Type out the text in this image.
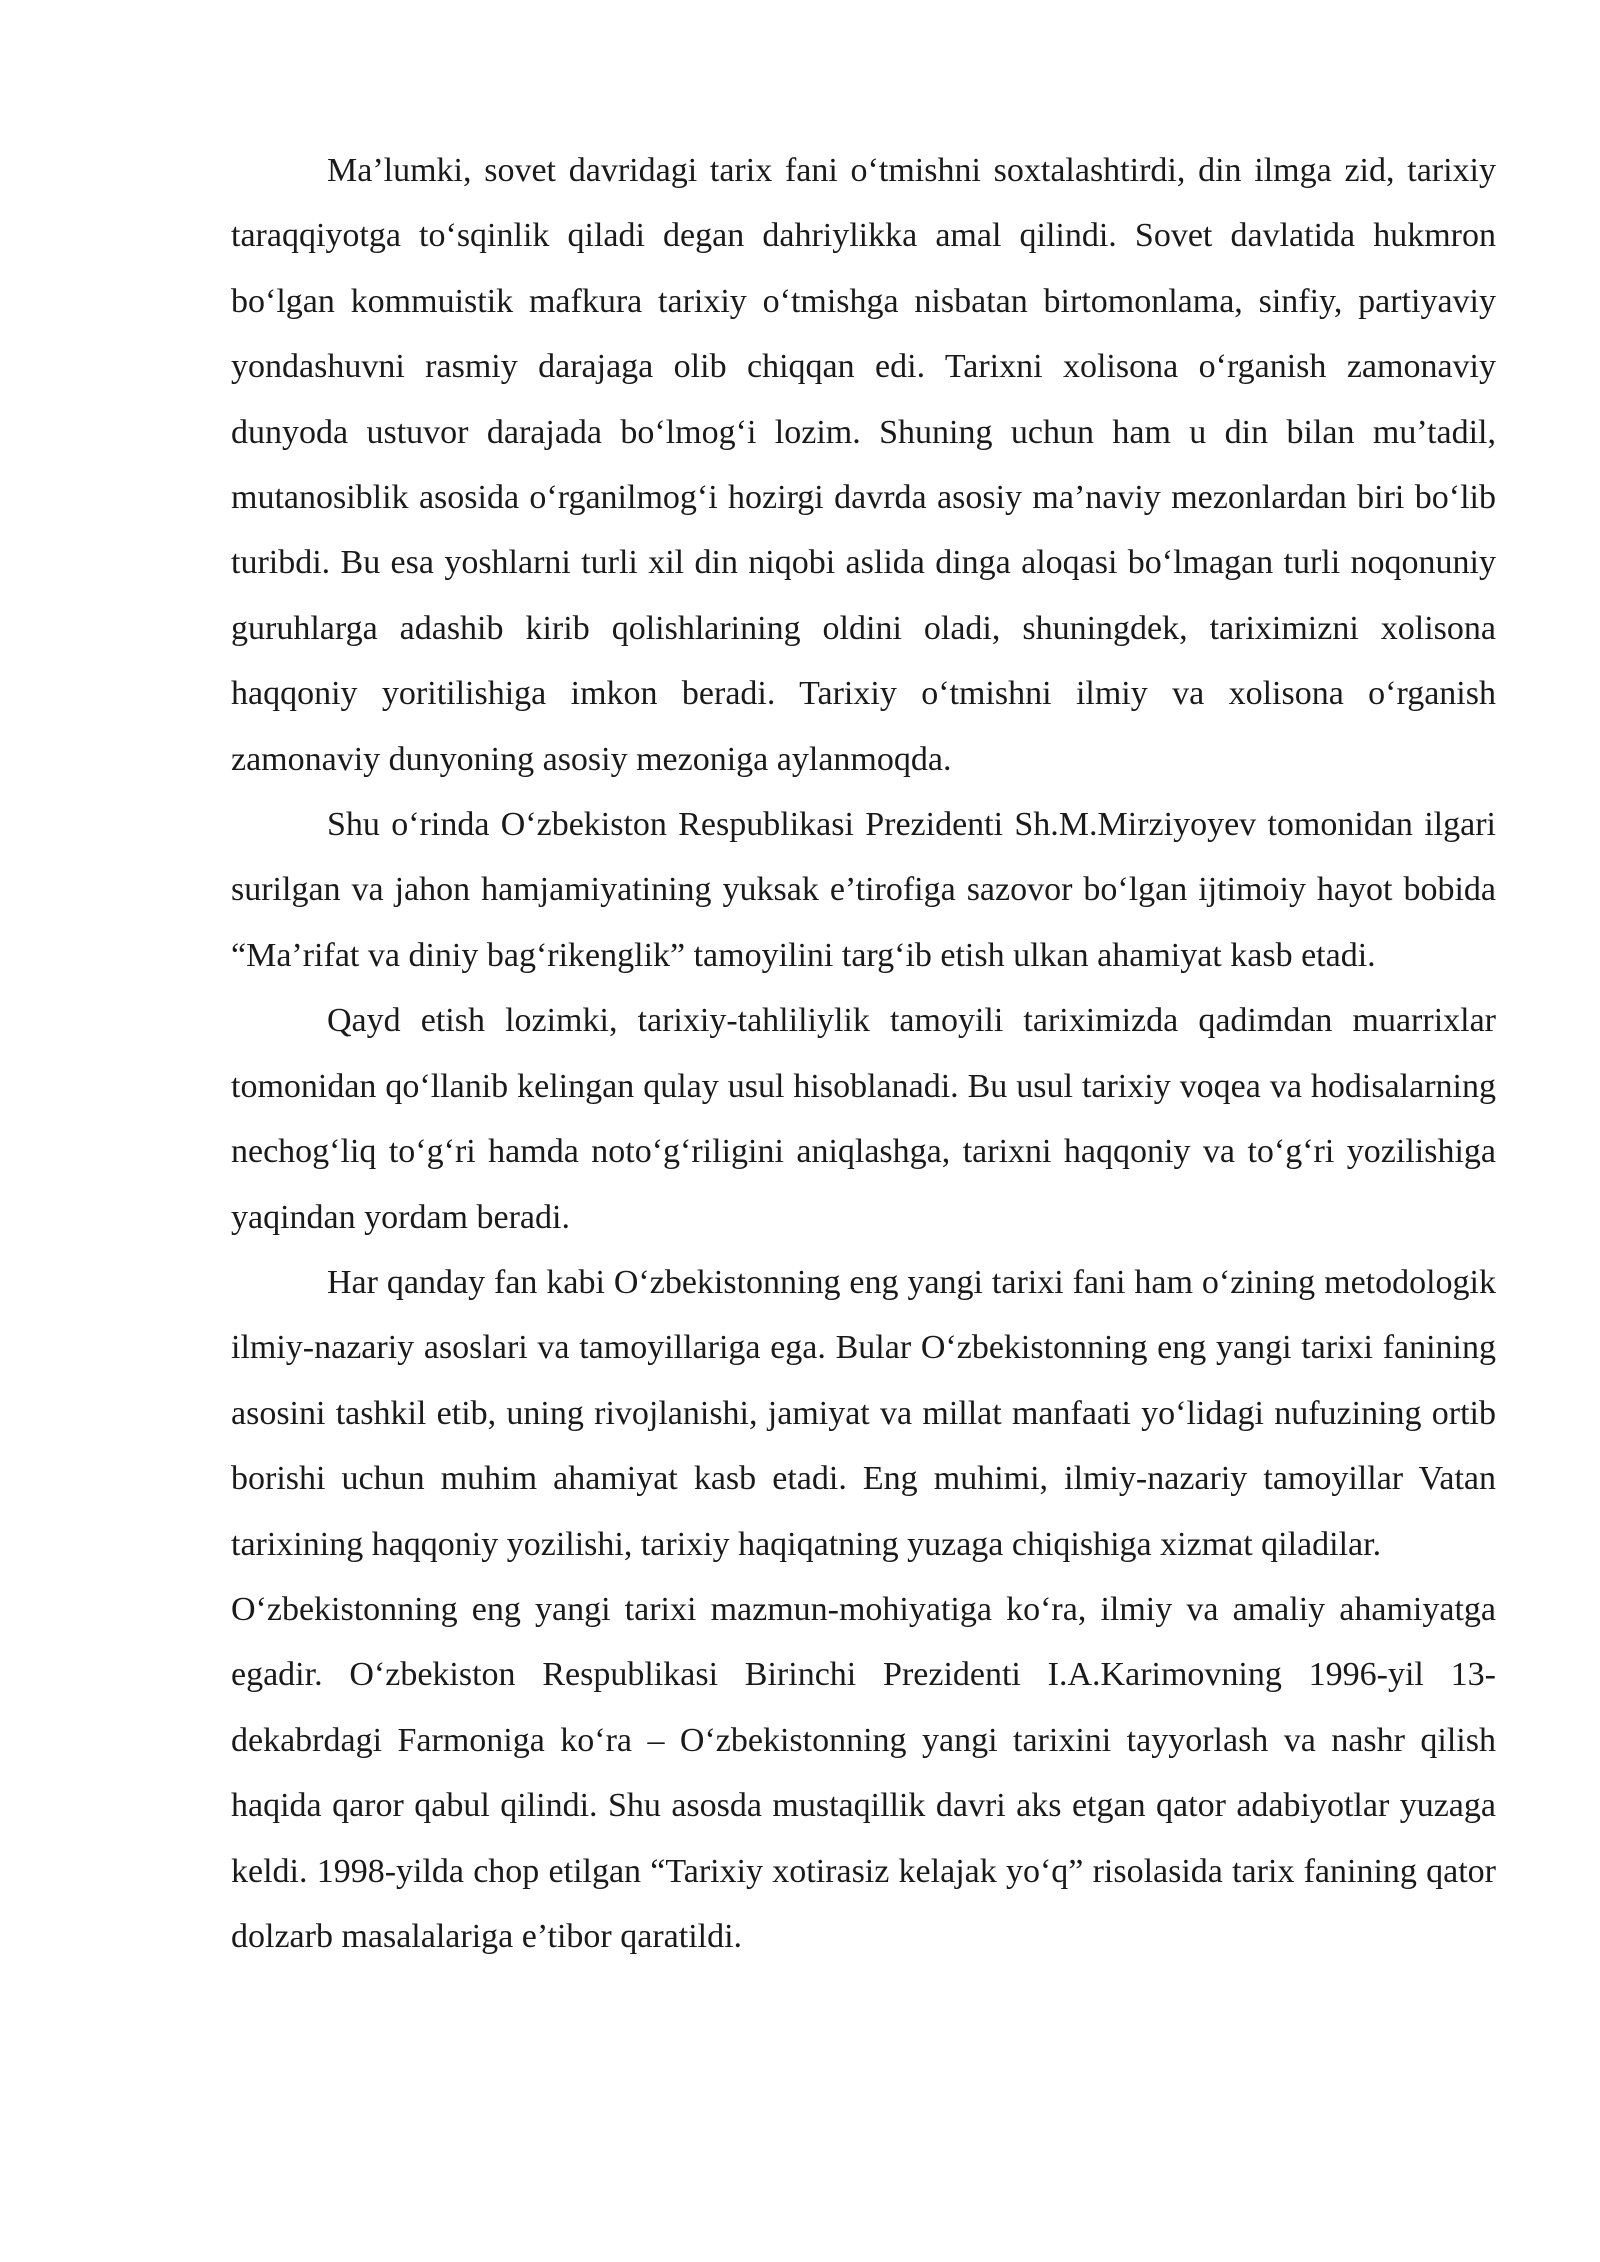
Ma’lumki, sovet davridagi tarix fani o‘tmishni soxtalashtirdi, din ilmga zid, tarixiy taraqqiyotga to‘sqinlik qiladi degan dahriylikka amal qilindi. Sovet davlatida hukmron bo‘lgan kommuistik mafkura tarixiy o‘tmishga nisbatan birtomonlama, sinfiy, partiyaviy yondashuvni rasmiy darajaga olib chiqqan edi. Tarixni xolisona o‘rganish zamonaviy dunyoda ustuvor darajada bo‘lmog‘i lozim. Shuning uchun ham u din bilan mu’tadil, mutanosiblik asosida o‘rganilmog‘i hozirgi davrda asosiy ma’naviy mezonlardan biri bo‘lib turibdi. Bu esa yoshlarni turli xil din niqobi aslida dinga aloqasi bo‘lmagan turli noqonuniy guruhlarga adashib kirib qolishlarining oldini oladi, shuningdek, tariximizni xolisona haqqoniy yoritilishiga imkon beradi. Tarixiy o‘tmishni ilmiy va xolisona o‘rganish zamonaviy dunyoning asosiy mezoniga aylanmoqda.

Shu o‘rinda O‘zbekiston Respublikasi Prezidenti Sh.M.Mirziyoyev tomonidan ilgari surilgan va jahon hamjamiyatining yuksak e’tirofiga sazovor bo‘lgan ijtimoiy hayot bobida “Ma’rifat va diniy bag‘rikenglik” tamoyilini targ‘ib etish ulkan ahamiyat kasb etadi.

Qayd etish lozimki, tarixiy-tahliliylik tamoyili tariximizda qadimdan muarrixlar tomonidan qo‘llanib kelingan qulay usul hisoblanadi. Bu usul tarixiy voqea va hodisalarning nechog‘liq to‘g‘ri hamda noto‘g‘riligini aniqlashga, tarixni haqqoniy va to‘g‘ri yozilishiga yaqindan yordam beradi.

Har qanday fan kabi O‘zbekistonning eng yangi tarixi fani ham o‘zining metodologik ilmiy-nazariy asoslari va tamoyillariga ega. Bular O‘zbekistonning eng yangi tarixi fanining asosini tashkil etib, uning rivojlanishi, jamiyat va millat manfaati yo‘lidagi nufuzining ortib borishi uchun muhim ahamiyat kasb etadi. Eng muhimi, ilmiy-nazariy tamoyillar Vatan tarixining haqqoniy yozilishi, tarixiy haqiqatning yuzaga chiqishiga xizmat qiladilar.

O‘zbekistonning eng yangi tarixi mazmun-mohiyatiga ko‘ra, ilmiy va amaliy ahamiyatga egadir. O‘zbekiston Respublikasi Birinchi Prezidenti I.A.Karimovning 1996-yil 13-dekabrdagi Farmoniga ko‘ra – O‘zbekistonning yangi tarixini tayyorlash va nashr qilish haqida qaror qabul qilindi. Shu asosda mustaqillik davri aks etgan qator adabiyotlar yuzaga keldi. 1998-yilda chop etilgan “Tarixiy xotirasiz kelajak yo‘q” risolasida tarix fanining qator dolzarb masalalariga e’tibor qaratildi.
